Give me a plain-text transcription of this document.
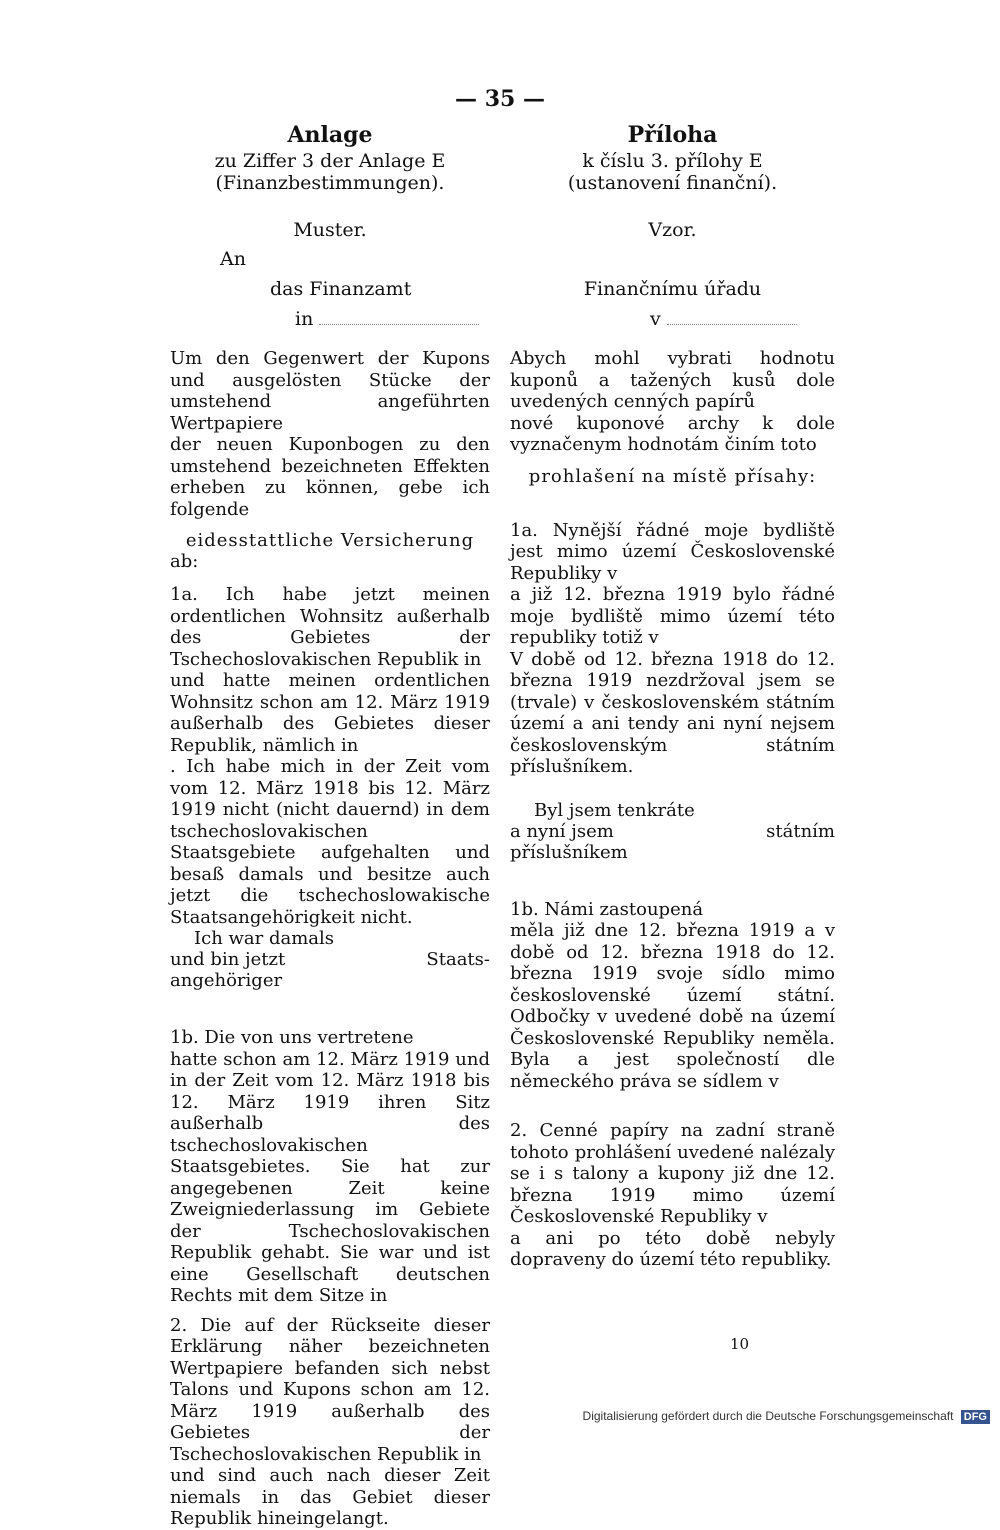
— 35 —
Anlage
zu Ziffer 3 der Anlage E
(Finanzbestimmungen).
Muster.
An
das Finanzamt
in

Um den Gegenwert der Kupons und ausgelösten Stücke der umstehend angeführten Wertpapiere

der neuen Kuponbogen zu den umstehend bezeichneten Effekten erheben zu können, gebe ich folgende

eidesstattliche Versicherung

ab:

1a. Ich habe jetzt meinen ordentlichen Wohnsitz außerhalb des Gebietes der Tschechoslovakischen Republik in

und hatte meinen ordentlichen Wohnsitz schon am 12. März 1919 außerhalb des Gebietes dieser Republik, nämlich in

. Ich habe mich in der Zeit vom vom 12. März 1918 bis 12. März 1919 nicht (nicht dauernd) in dem tschechoslovakischen Staatsgebiete aufgehalten und besaß damals und besitze auch jetzt die tschechoslowakische Staatsangehörigkeit nicht.

Ich war damals

und bin jetzt	Staats-

angehöriger

1b. Die von uns vertretene

hatte schon am 12. März 1919 und in der Zeit vom 12. März 1918 bis 12. März 1919 ihren Sitz außerhalb des tschechoslovakischen Staatsgebietes. Sie hat zur angegebenen Zeit keine Zweigniederlassung im Gebiete der Tschechoslovakischen Republik gehabt. Sie war und ist eine Gesellschaft deutschen Rechts mit dem Sitze in

2. Die auf der Rückseite dieser Erklärung näher bezeichneten Wertpapiere befanden sich nebst Talons und Kupons schon am 12. März 1919 außerhalb des Gebietes der Tschechoslovakischen Republik in

und sind auch nach dieser Zeit niemals in das Gebiet dieser Republik hineingelangt.

Příloha
k číslu 3. přílohy E
(ustanovení finanční).
Vzor.
Finančnímu úřadu
v

Abych mohl vybrati hodnotu kuponů a tažených kusů dole uvedených cenných papírů

nové kuponové archy k dole vyznačenym hodnotám činím toto

prohlašení na místě přísahy:

1a. Nynější řádné moje bydliště jest mimo území Československé Republiky v

a již 12. března 1919 bylo řádné moje bydliště mimo území této republiky totiž v

V době od 12. března 1918 do 12. března 1919 nezdržoval jsem se (trvale) v československém státním území a ani tendy ani nyní nejsem československým státním příslušníkem.

Byl jsem tenkráte

a nyní jsem	státním

příslušníkem

1b. Námi zastoupená

měla již dne 12. března 1919 a v době od 12. března 1918 do 12. března 1919 svoje sídlo mimo československé území státní. Odbočky v uvedené době na území Československé Republiky neměla. Byla a jest společností dle německého práva se sídlem v

2. Cenné papíry na zadní straně tohoto prohlášení uvedené nalézaly se i s talony a kupony již dne 12. března 1919 mimo území Československé Republiky v

a ani po této době nebyly dopraveny do území této republiky.

10
Digitalisierung gefördert durch die Deutsche Forschungsgemeinschaft DFG
